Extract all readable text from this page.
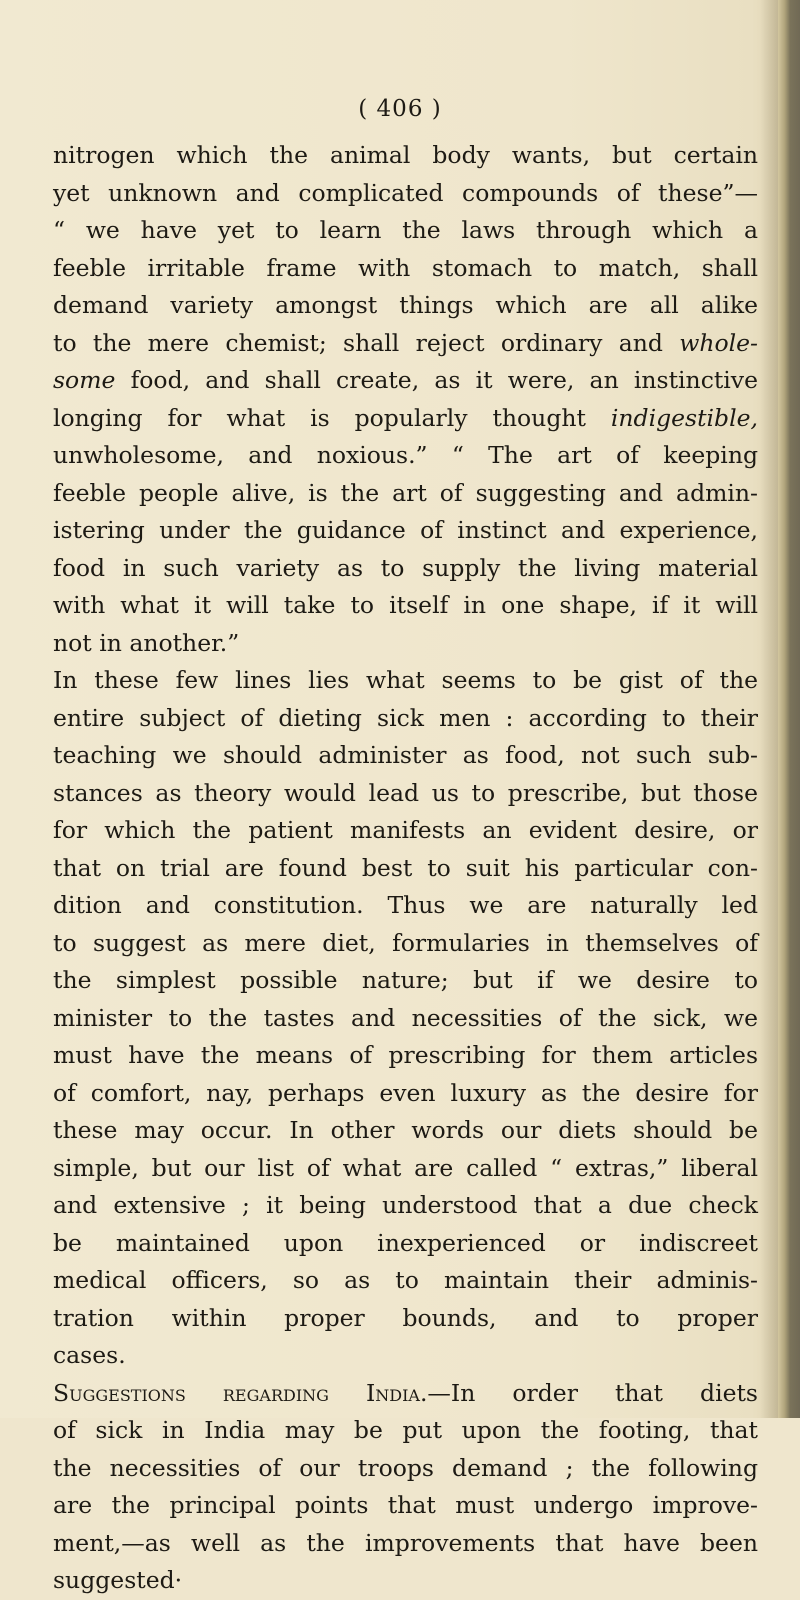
( 406 )
nitrogen which the animal body wants, but certain
yet unknown and complicated compounds of these”—
“ we have yet to learn the laws through which a
feeble irritable frame with stomach to match, shall
demand variety amongst things which are all alike
to the mere chemist; shall reject ordinary and whole-
some food, and shall create, as it were, an instinctive
longing for what is popularly thought indigestible,
unwholesome, and noxious.” “ The art of keeping
feeble people alive, is the art of suggesting and admin-
istering under the guidance of instinct and experience,
food in such variety as to supply the living material
with what it will take to itself in one shape, if it will
not in another.”
In these few lines lies what seems to be gist of the
entire subject of dieting sick men : according to their
teaching we should administer as food, not such sub-
stances as theory would lead us to prescribe, but those
for which the patient manifests an evident desire, or
that on trial are found best to suit his particular con-
dition and constitution. Thus we are naturally led
to suggest as mere diet, formularies in themselves of
the simplest possible nature; but if we desire to
minister to the tastes and necessities of the sick, we
must have the means of prescribing for them articles
of comfort, nay, perhaps even luxury as the desire for
these may occur. In other words our diets should be
simple, but our list of what are called “ extras,” liberal
and extensive ; it being understood that a due check
be maintained upon inexperienced or indiscreet
medical officers, so as to maintain their adminis-
tration within proper bounds, and to proper
cases.
Suggestions regarding India.—In order that diets
of sick in India may be put upon the footing, that
the necessities of our troops demand ; the following
are the principal points that must undergo improve-
ment,—as well as the improvements that have been
suggested·
